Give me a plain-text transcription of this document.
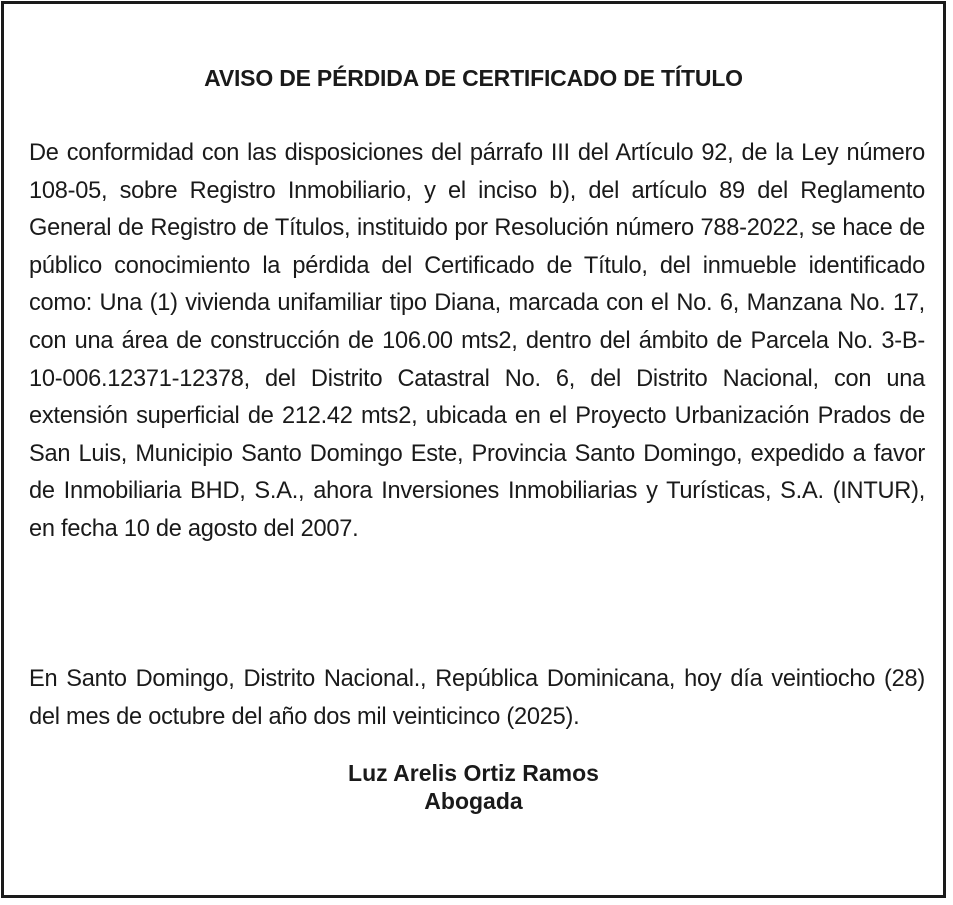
AVISO DE PÉRDIDA DE CERTIFICADO DE TÍTULO

De conformidad con las disposiciones del párrafo III del Artículo 92, de la Ley número 108-05, sobre Registro Inmobiliario, y el inciso b), del artículo 89 del Reglamento General de Registro de Títulos, instituido por Resolución número 788-2022, se hace de público conocimiento la pérdida del Certificado de Título, del inmueble identificado como: Una (1) vivienda unifamiliar tipo Diana, marcada con el No. 6, Manzana No. 17, con una área de construcción de 106.00 mts2, dentro del ámbito de Parcela No. 3-B-10-006.12371-12378, del Distrito Catastral No. 6, del Distrito Nacional, con una extensión superficial de 212.42 mts2, ubicada en el Proyecto Urbanización Prados de San Luis, Municipio Santo Domingo Este, Provincia Santo Domingo, expedido a favor de Inmobiliaria BHD, S.A., ahora Inversiones Inmobiliarias y Turísticas, S.A. (INTUR), en fecha 10 de agosto del 2007.

En Santo Domingo, Distrito Nacional., República Dominicana, hoy día veintiocho (28) del mes de octubre del año dos mil veinticinco (2025).

Luz Arelis Ortiz Ramos
Abogada
